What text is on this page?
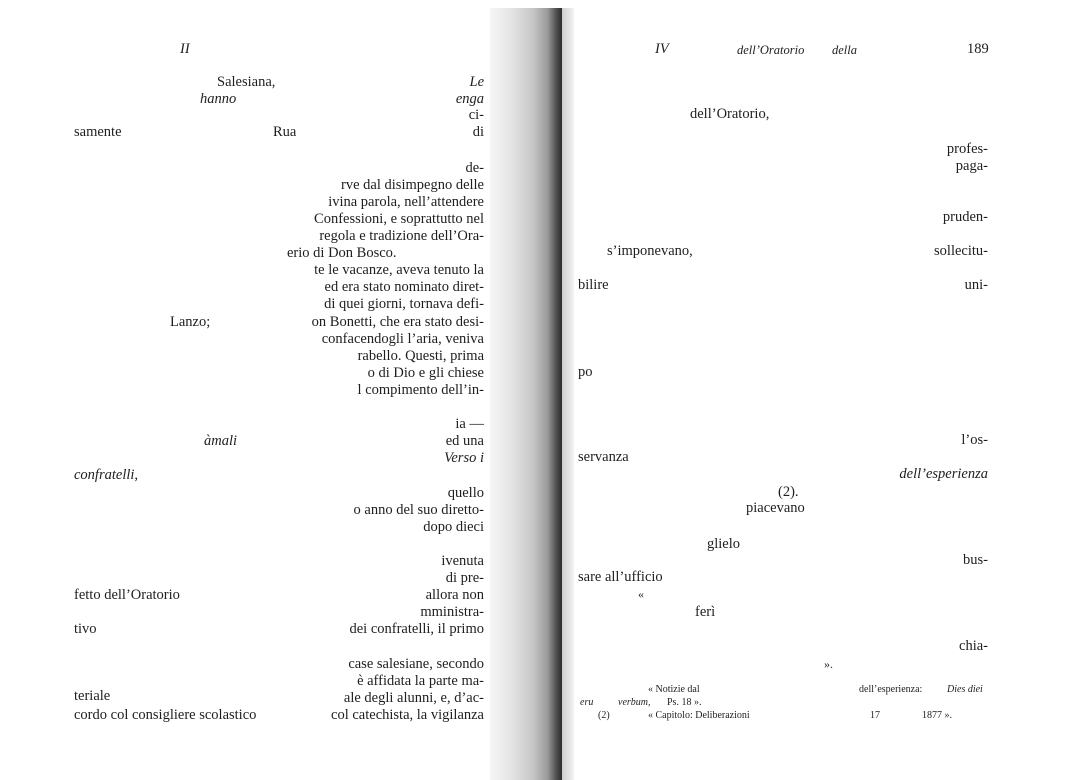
II
Salesiana,
hanno
samente	Rua
Lanzo;
àmali
confratelli,
fetto dell’Oratorio
tivo
teriale
cordo col consigliere scolastico
Le
enga
ci-
di
de-
rve dal disimpegno delle
ivina parola, nell’attendere
Confessioni, e soprattutto nel
regola e tradizione dell’Ora-
erio di Don Bosco.
te le vacanze, aveva tenuto la
ed era stato nominato diret-
di quei giorni, tornava defi-
on Bonetti, che era stato desi-
confacendogli l’aria, veniva
rabello. Questi, prima
o di Dio e gli chiese
l compimento dell’in-
ia —
ed una
Verso i
quello
o anno del suo diretto-
dopo dieci
ivenuta
di pre-
allora non
mministra-
dei confratelli, il primo
case salesiane, secondo
è affidata la parte ma-
ale degli alunni, e, d’ac-
col catechista, la vigilanza
IV	dell’Oratorio della	189
dell’Oratorio,
profes-
paga-
pruden-
s’imponevano,	sollecitu-
bilire	uni-
po
l’os-
servanza
dell’esperienza
(2).
piacevano
glielo
bus-
sare all’ufficio
«
ferì
chia-
».
« Notizie dal	dell’esperienza: Dies diei
eru verbum, Ps. 18 ».
(2)	« Capitolo: Deliberazioni	17	1877 ».
